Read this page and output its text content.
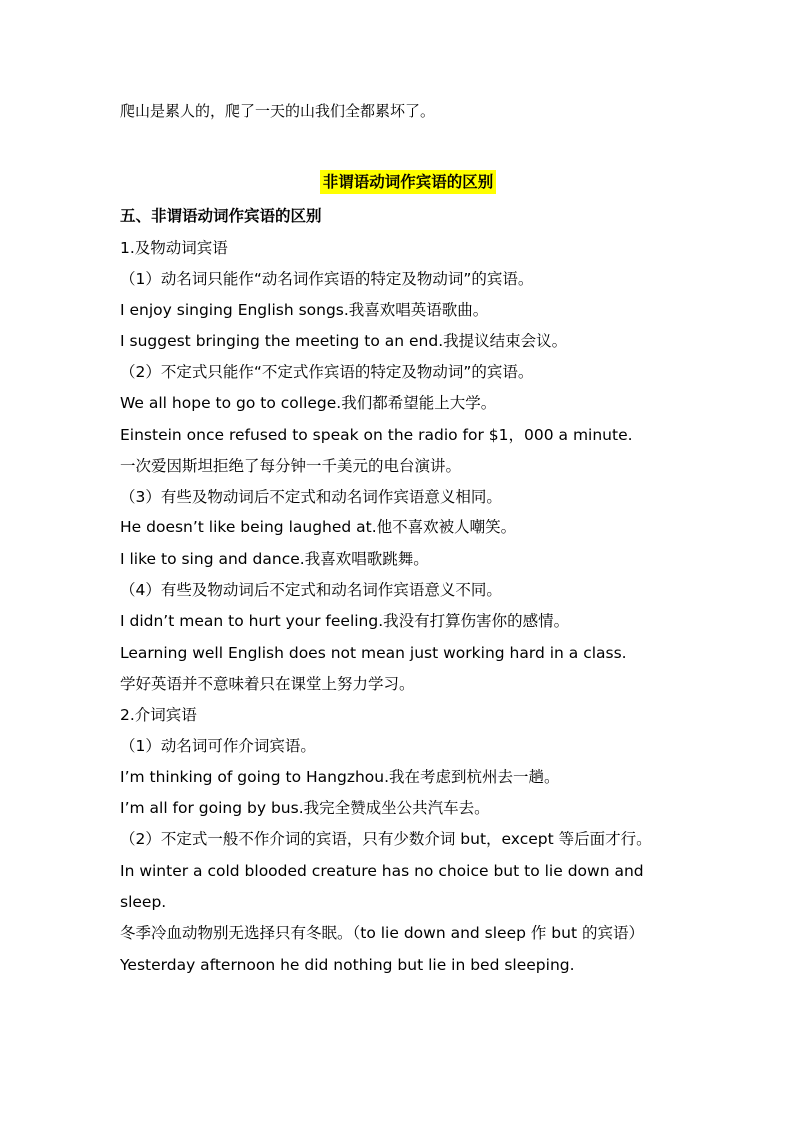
爬山是累人的，爬了一天的山我们全都累坏了。
非谓语动词作宾语的区别
五、非谓语动词作宾语的区别
1.及物动词宾语
（1）动名词只能作“动名词作宾语的特定及物动词”的宾语。
I enjoy singing English songs.我喜欢唱英语歌曲。
I suggest bringing the meeting to an end.我提议结束会议。
（2）不定式只能作“不定式作宾语的特定及物动词”的宾语。
We all hope to go to college.我们都希望能上大学。
Einstein once refused to speak on the radio for $1，000 a minute.
一次爱因斯坦拒绝了每分钟一千美元的电台演讲。
（3）有些及物动词后不定式和动名词作宾语意义相同。
He doesn’t like being laughed at.他不喜欢被人嘲笑。
I like to sing and dance.我喜欢唱歌跳舞。
（4）有些及物动词后不定式和动名词作宾语意义不同。
I didn’t mean to hurt your feeling.我没有打算伤害你的感情。
Learning well English does not mean just working hard in a class.
学好英语并不意味着只在课堂上努力学习。
2.介词宾语
（1）动名词可作介词宾语。
I’m thinking of going to Hangzhou.我在考虑到杭州去一趟。
I’m all for going by bus.我完全赞成坐公共汽车去。
（2）不定式一般不作介词的宾语，只有少数介词 but，except 等后面才行。
In winter a cold blooded creature has no choice but to lie down and
sleep.
冬季冷血动物别无选择只有冬眠。（to lie down and sleep 作 but 的宾语）
Yesterday afternoon he did nothing but lie in bed sleeping.
